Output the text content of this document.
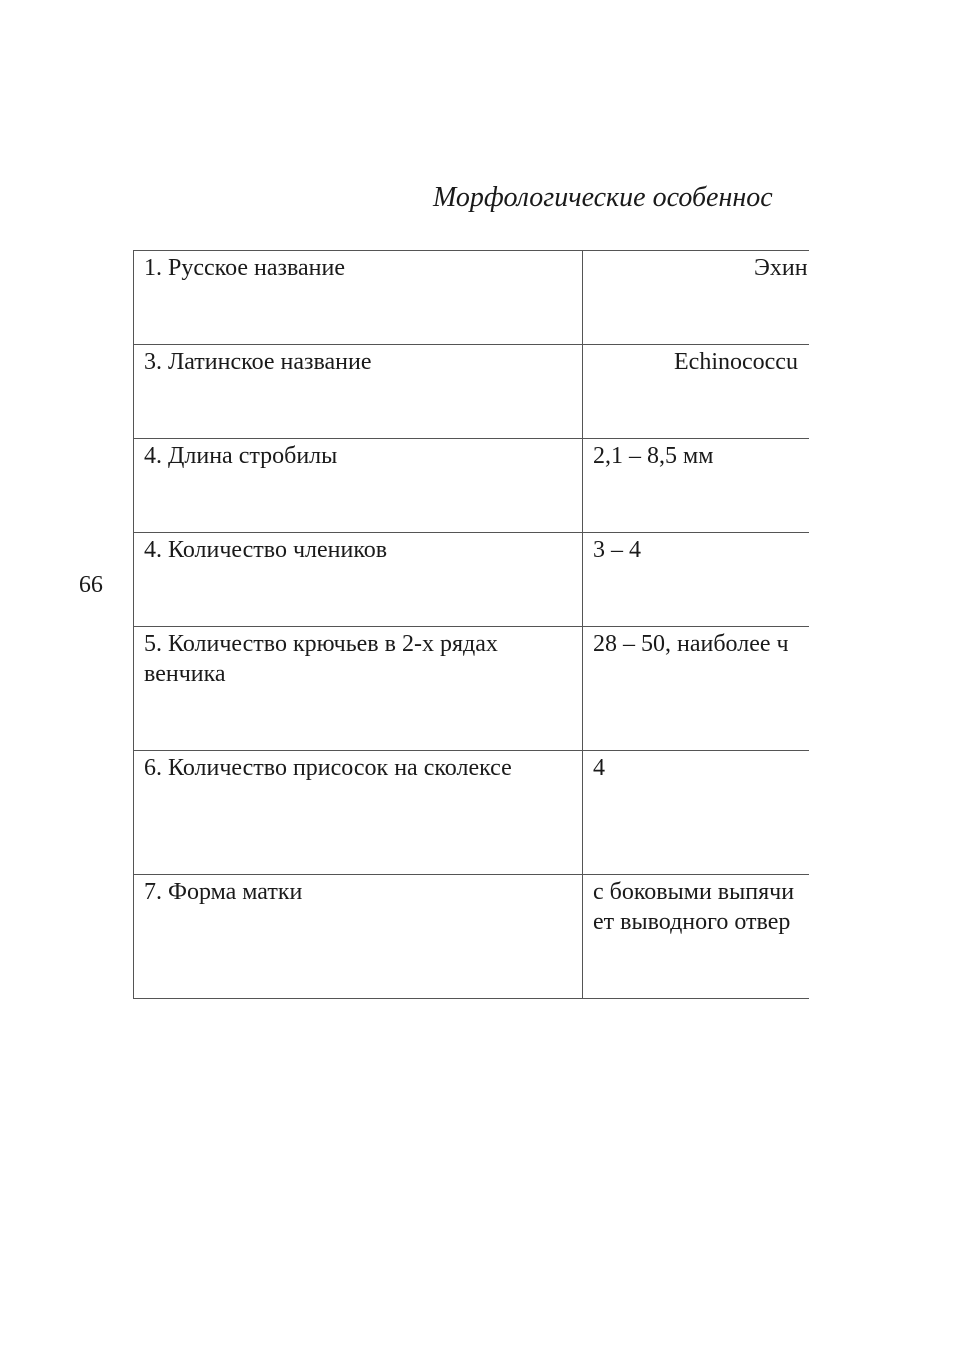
99
Морфологические особеннос
1. Русское название	Эхин

3. Латинское название	Echinococcu

4. Длина стробилы	2,1 – 8,5 мм

4. Количество члеников	3 – 4

5. Количество крючьев в 2-х рядах венчика	28 – 50, наиболее ч

6. Количество присосок на сколексе	4

7. Форма матки	с боковыми выпячи
ет выводного отвер
